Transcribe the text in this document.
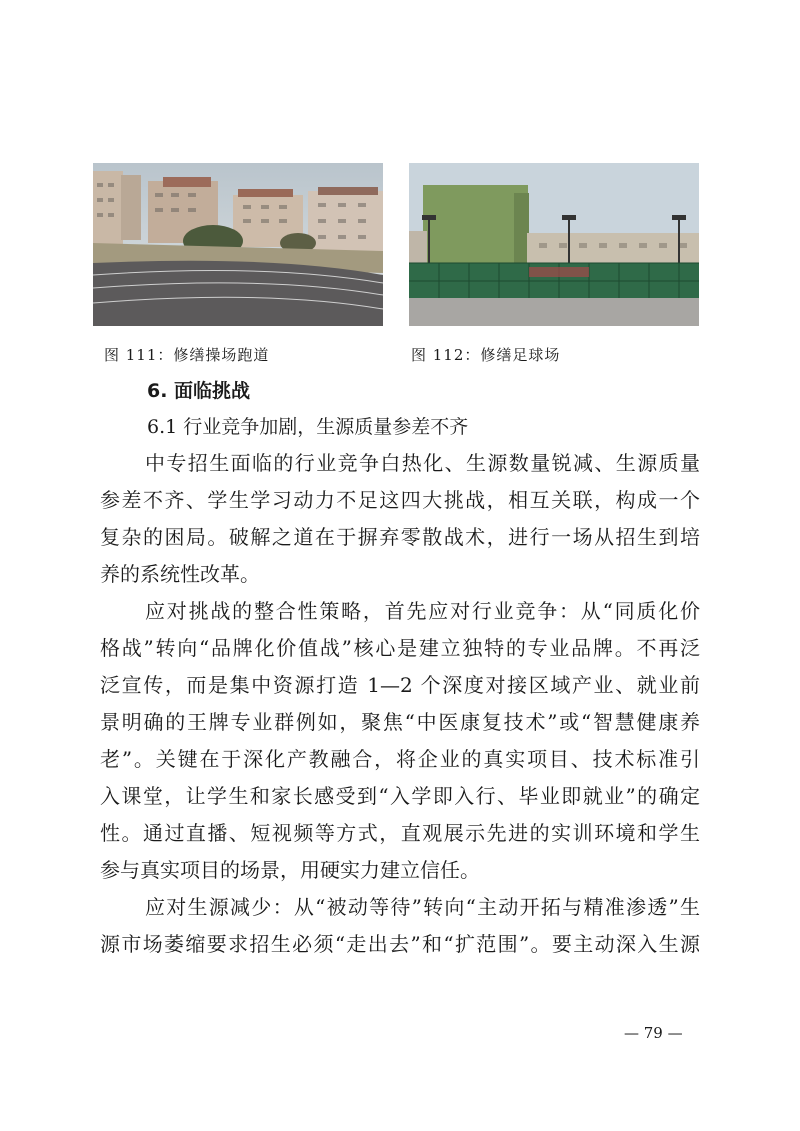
图 111：修缮操场跑道	图 112：修缮足球场
6. 面临挑战
6.1 行业竞争加剧，生源质量参差不齐
中专招生面临的行业竞争白热化、生源数量锐减、生源质量
参差不齐、学生学习动力不足这四大挑战，相互关联，构成一个
复杂的困局。破解之道在于摒弃零散战术，进行一场从招生到培
养的系统性改革。
应对挑战的整合性策略，首先应对行业竞争：从“同质化价
格战”转向“品牌化价值战”核心是建立独特的专业品牌。不再泛
泛宣传，而是集中资源打造 1—2 个深度对接区域产业、就业前
景明确的王牌专业群例如，聚焦“中医康复技术”或“智慧健康养
老”。关键在于深化产教融合，将企业的真实项目、技术标准引
入课堂，让学生和家长感受到“入学即入行、毕业即就业”的确定
性。通过直播、短视频等方式，直观展示先进的实训环境和学生
参与真实项目的场景，用硬实力建立信任。
应对生源减少：从“被动等待”转向“主动开拓与精准渗透”生
源市场萎缩要求招生必须“走出去”和“扩范围”。要主动深入生源
— 79 —
